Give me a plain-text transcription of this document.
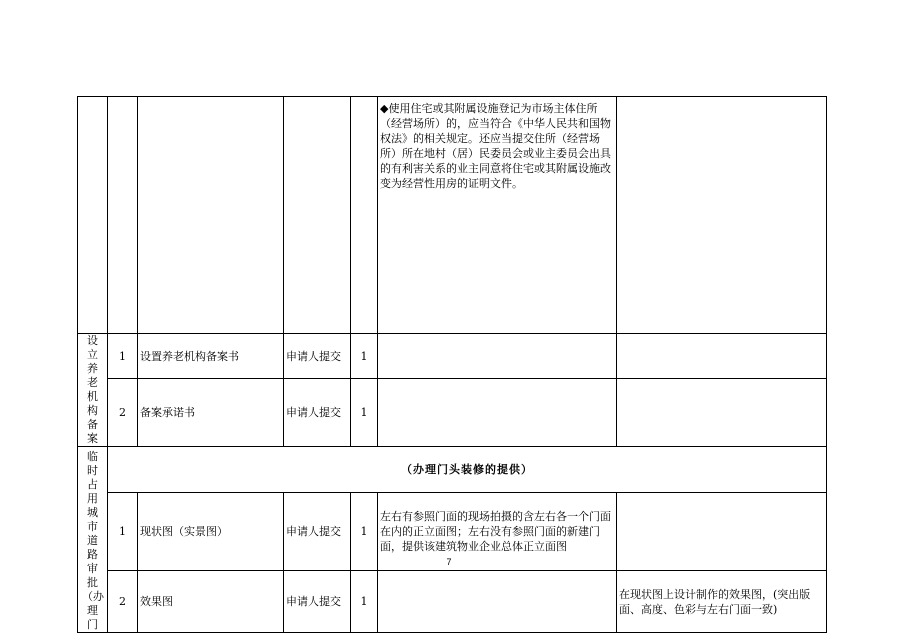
					◆使用住宅或其附属设施登记为市场主体住所（经营场所）的，应当符合《中华人民共和国物权法》的相关规定。还应当提交住所（经营场所）所在地村（居）民委员会或业主委员会出具的有利害关系的业主同意将住宅或其附属设施改变为经营性用房的证明文件。	

设立养老机构备案	1	设置养老机构备案书	申请人提交	1		
	2	备案承诺书	申请人提交	1		

临时占用城市道路审批（办理门	（办理门头装修的提供）					
	1	现状图（实景图）	申请人提交	1	左右有参照门面的现场拍摄的含左右各一个门面在内的正立面图；左右没有参照门面的新建门面，提供该建筑物业企业总体正立面图	
	2	效果图	申请人提交	1		在现状图上设计制作的效果图，(突出版面、高度、色彩与左右门面一致)
7
